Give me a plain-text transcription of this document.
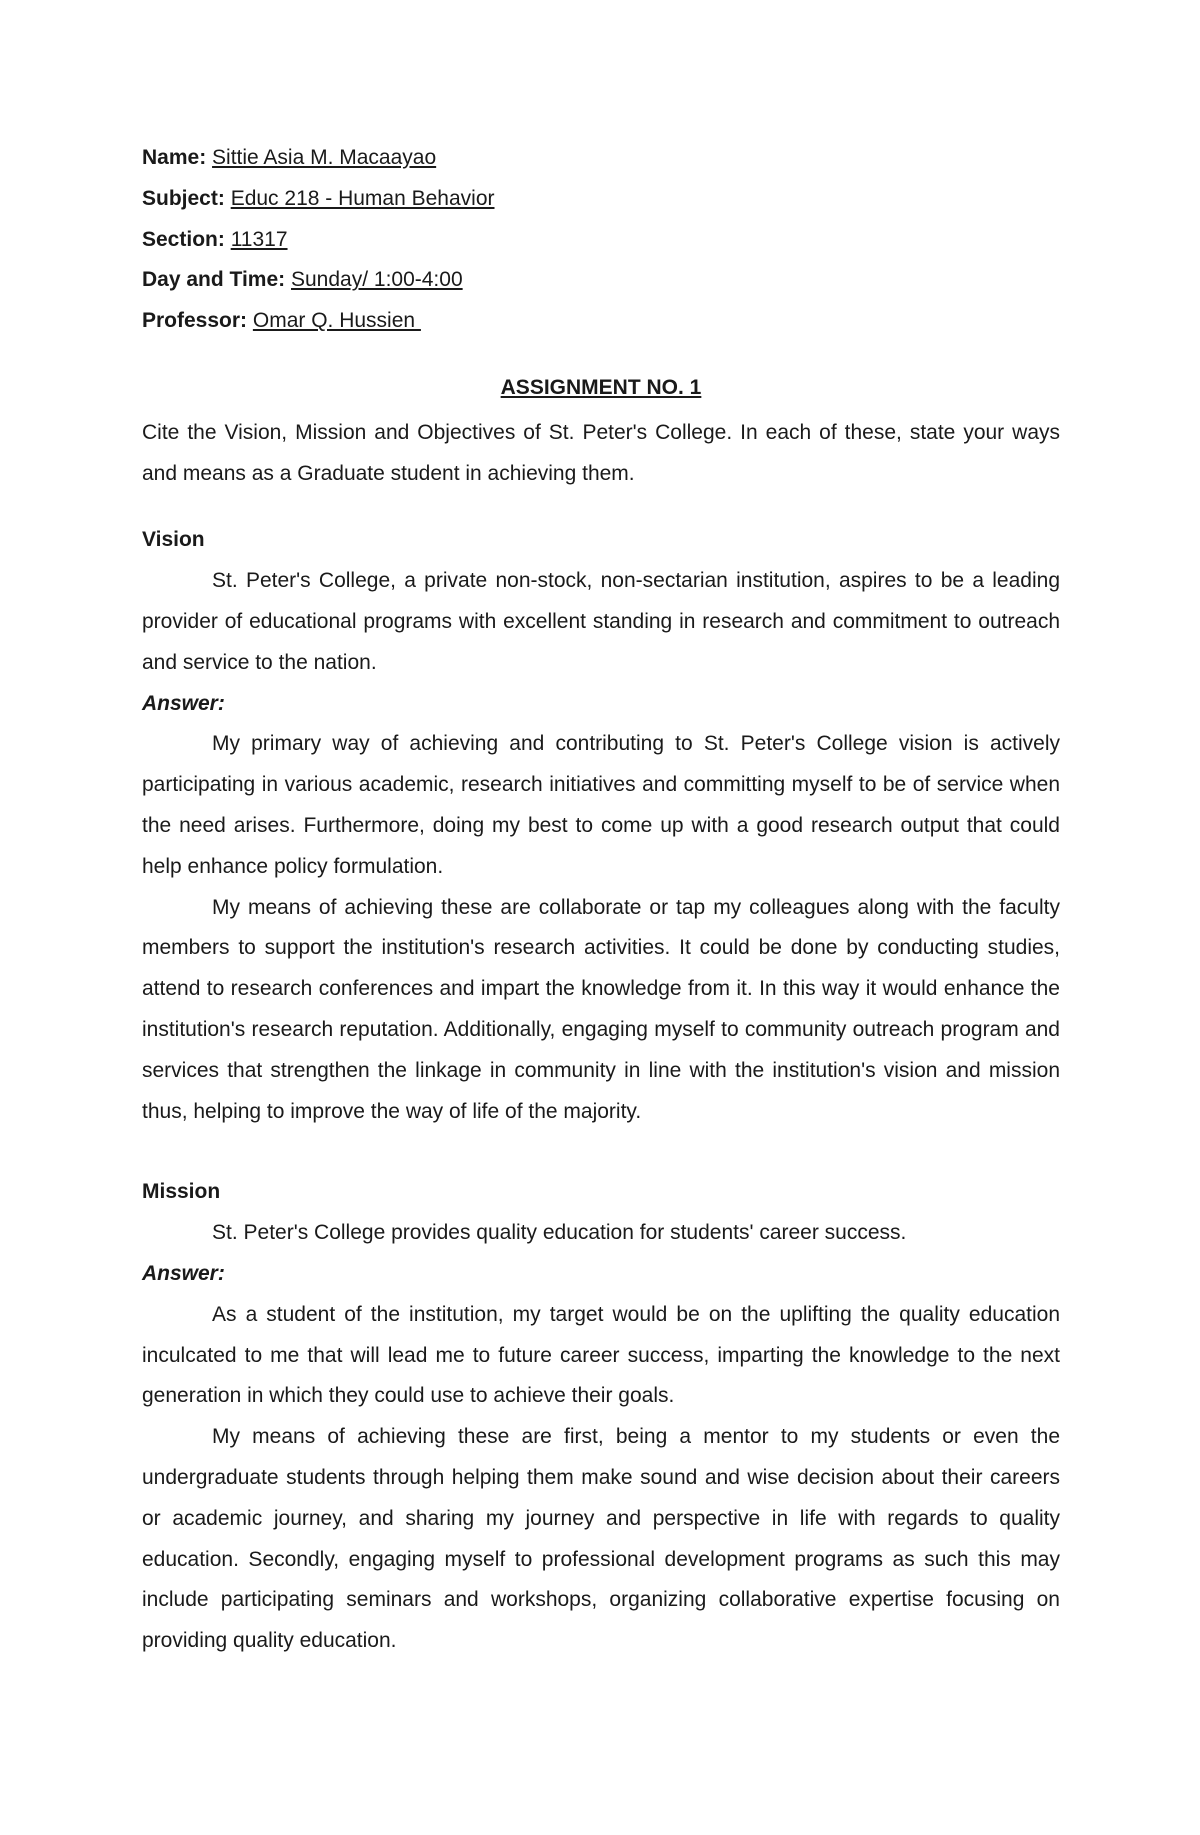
Name: Sittie Asia M. Macaayao
Subject: Educ 218 - Human Behavior
Section: 11317
Day and Time: Sunday/ 1:00-4:00
Professor: Omar Q. Hussien
ASSIGNMENT NO. 1

Cite the Vision, Mission and Objectives of St. Peter's College. In each of these, state your ways and means as a Graduate student in achieving them.

Vision

St. Peter's College, a private non-stock, non-sectarian institution, aspires to be a leading provider of educational programs with excellent standing in research and commitment to outreach and service to the nation.

Answer:

My primary way of achieving and contributing to St. Peter's College vision is actively participating in various academic, research initiatives and committing myself to be of service when the need arises. Furthermore, doing my best to come up with a good research output that could help enhance policy formulation.

My means of achieving these are collaborate or tap my colleagues along with the faculty members to support the institution's research activities. It could be done by conducting studies, attend to research conferences and impart the knowledge from it. In this way it would enhance the institution's research reputation. Additionally, engaging myself to community outreach program and services that strengthen the linkage in community in line with the institution's vision and mission thus, helping to improve the way of life of the majority.

Mission

St. Peter's College provides quality education for students' career success.

Answer:

As a student of the institution, my target would be on the uplifting the quality education inculcated to me that will lead me to future career success, imparting the knowledge to the next generation in which they could use to achieve their goals.

My means of achieving these are first, being a mentor to my students or even the undergraduate students through helping them make sound and wise decision about their careers or academic journey, and sharing my journey and perspective in life with regards to quality education. Secondly, engaging myself to professional development programs as such this may include participating seminars and workshops, organizing collaborative expertise focusing on providing quality education.
